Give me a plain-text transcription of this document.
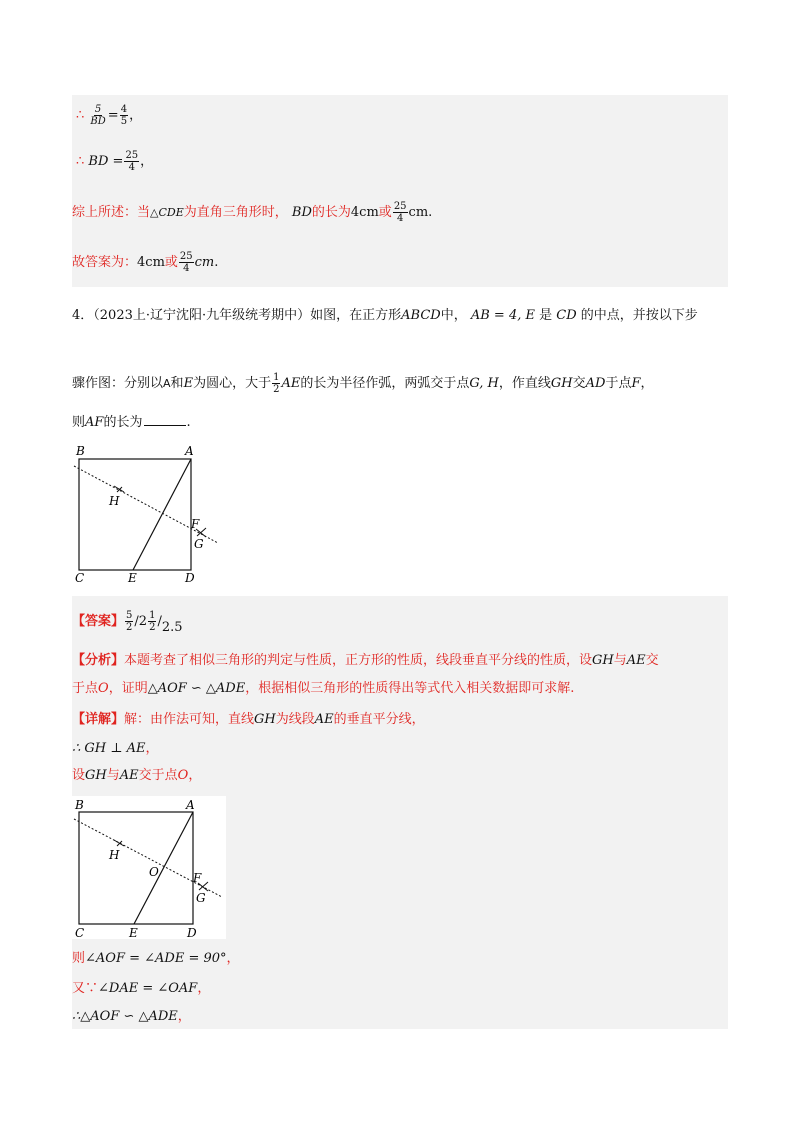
∴ $\frac{5}{BD} = \frac{4}{5}$ ，
∴ BD = $\frac{25}{4}$ ，
综上所述：当△CDE为直角三角形时， BD的长为4cm或 $\frac{25}{4}$ cm.
故答案为：4cm或 $\frac{25}{4}$ cm.
4．（2023上·辽宁沈阳·九年级统考期中）如图，在正方形ABCD中， AB = 4, E 是 CD 的中点，并按以下步
骤作图：分别以A和E为圆心，大于 $\frac{1}{2}$ AE的长为半径作弧，两弧交于点G, H，作直线GH交AD于点F，
则AF的长为	.
B	A
C	E	D
F
G
H
【答案】 $\frac{5}{2} /2 \frac{1}{2} /2.5$
【分析】本题考查了相似三角形的判定与性质，正方形的性质，线段垂直平分线的性质，设GH与AE交
于点O，证明△AOF ∽ △ADE，根据相似三角形的性质得出等式代入相关数据即可求解.
【详解】解：由作法可知，直线GH为线段AE的垂直平分线，
∴ GH ⊥ AE，
设GH与AE交于点O，
B	A
C	E	D
F
G
H
O
则∠AOF = ∠ADE = 90°，
又∵∠DAE = ∠OAF，
∴△AOF ∽ △ADE，
